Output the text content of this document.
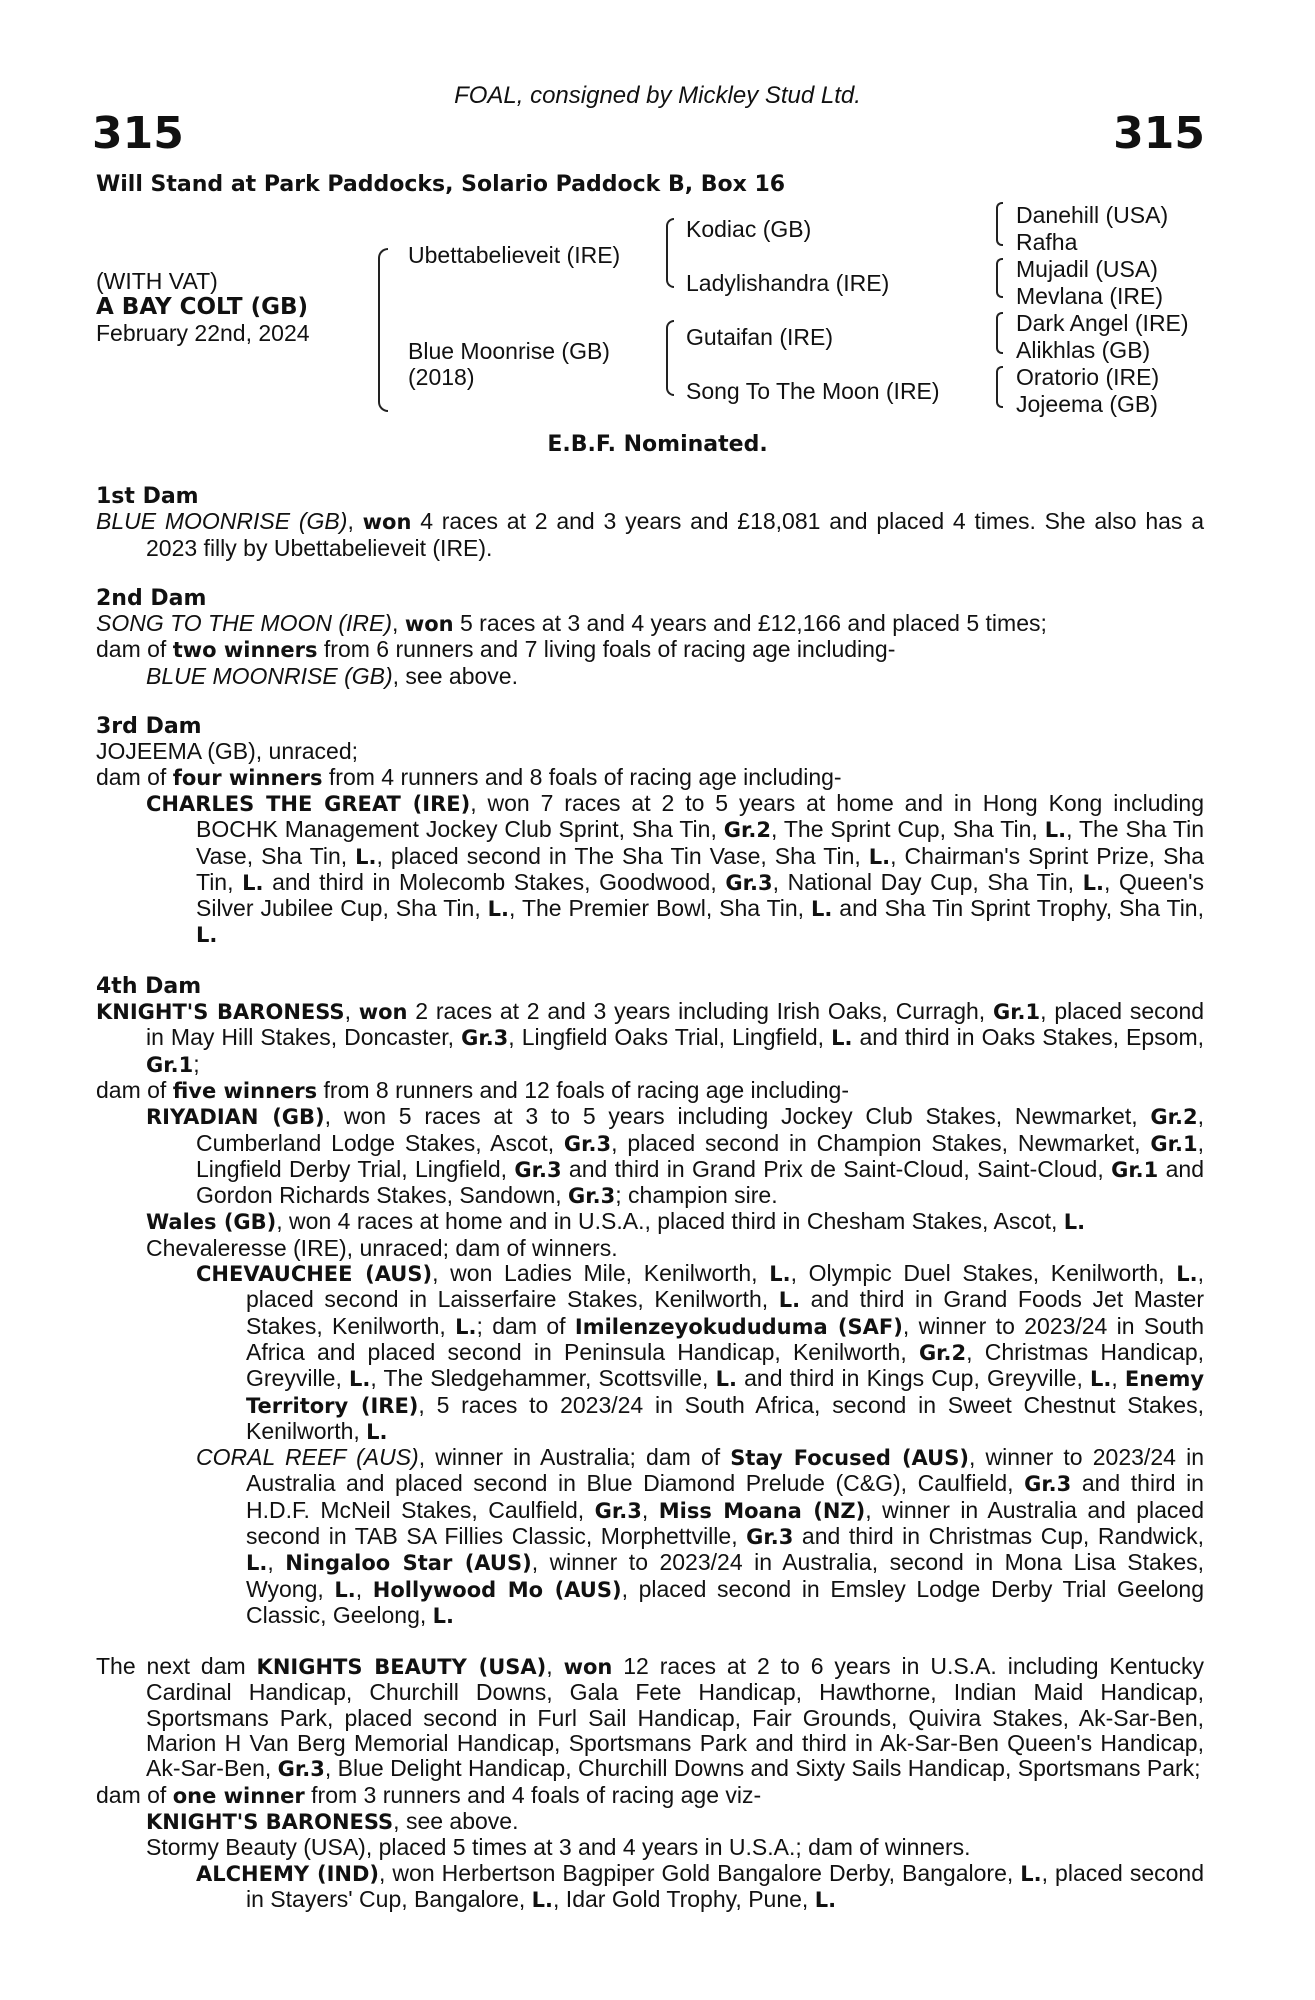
FOAL, consigned by Mickley Stud Ltd.
315	315
Will Stand at Park Paddocks, Solario Paddock B, Box 16
(WITH VAT)
A BAY COLT (GB)
February 22nd, 2024
Ubettabelieveit (IRE)
Blue Moonrise (GB)
(2018)
Kodiac (GB)
Ladylishandra (IRE)
Gutaifan (IRE)
Song To The Moon (IRE)
Danehill (USA)
Rafha
Mujadil (USA)
Mevlana (IRE)
Dark Angel (IRE)
Alikhlas (GB)
Oratorio (IRE)
Jojeema (GB)
E.B.F. Nominated.
1st Dam

BLUE MOONRISE (GB), won 4 races at 2 and 3 years and £18,081 and placed 4 times. She also has a 2023 filly by Ubettabelieveit (IRE).

2nd Dam

SONG TO THE MOON (IRE), won 5 races at 3 and 4 years and £12,166 and placed 5 times;

dam of two winners from 6 runners and 7 living foals of racing age including-

BLUE MOONRISE (GB), see above.

3rd Dam

JOJEEMA (GB), unraced;

dam of four winners from 4 runners and 8 foals of racing age including-

CHARLES THE GREAT (IRE), won 7 races at 2 to 5 years at home and in Hong Kong including BOCHK Management Jockey Club Sprint, Sha Tin, Gr.2, The Sprint Cup, Sha Tin, L., The Sha Tin Vase, Sha Tin, L., placed second in The Sha Tin Vase, Sha Tin, L., Chairman's Sprint Prize, Sha Tin, L. and third in Molecomb Stakes, Goodwood, Gr.3, National Day Cup, Sha Tin, L., Queen's Silver Jubilee Cup, Sha Tin, L., The Premier Bowl, Sha Tin, L. and Sha Tin Sprint Trophy, Sha Tin, L.

4th Dam

KNIGHT'S BARONESS, won 2 races at 2 and 3 years including Irish Oaks, Curragh, Gr.1, placed second in May Hill Stakes, Doncaster, Gr.3, Lingfield Oaks Trial, Lingfield, L. and third in Oaks Stakes, Epsom, Gr.1;

dam of five winners from 8 runners and 12 foals of racing age including-

RIYADIAN (GB), won 5 races at 3 to 5 years including Jockey Club Stakes, Newmarket, Gr.2, Cumberland Lodge Stakes, Ascot, Gr.3, placed second in Champion Stakes, Newmarket, Gr.1, Lingfield Derby Trial, Lingfield, Gr.3 and third in Grand Prix de Saint-Cloud, Saint-Cloud, Gr.1 and Gordon Richards Stakes, Sandown, Gr.3; champion sire.

Wales (GB), won 4 races at home and in U.S.A., placed third in Chesham Stakes, Ascot, L.

Chevaleresse (IRE), unraced; dam of winners.

CHEVAUCHEE (AUS), won Ladies Mile, Kenilworth, L., Olympic Duel Stakes, Kenilworth, L., placed second in Laisserfaire Stakes, Kenilworth, L. and third in Grand Foods Jet Master Stakes, Kenilworth, L.; dam of Imilenzeyokududuma (SAF), winner to 2023/24 in South Africa and placed second in Peninsula Handicap, Kenilworth, Gr.2, Christmas Handicap, Greyville, L., The Sledgehammer, Scottsville, L. and third in Kings Cup, Greyville, L., Enemy Territory (IRE), 5 races to 2023/24 in South Africa, second in Sweet Chestnut Stakes, Kenilworth, L.

CORAL REEF (AUS), winner in Australia; dam of Stay Focused (AUS), winner to 2023/24 in Australia and placed second in Blue Diamond Prelude (C&G), Caulfield, Gr.3 and third in H.D.F. McNeil Stakes, Caulfield, Gr.3, Miss Moana (NZ), winner in Australia and placed second in TAB SA Fillies Classic, Morphettville, Gr.3 and third in Christmas Cup, Randwick, L., Ningaloo Star (AUS), winner to 2023/24 in Australia, second in Mona Lisa Stakes, Wyong, L., Hollywood Mo (AUS), placed second in Emsley Lodge Derby Trial Geelong Classic, Geelong, L.

The next dam KNIGHTS BEAUTY (USA), won 12 races at 2 to 6 years in U.S.A. including Kentucky Cardinal Handicap, Churchill Downs, Gala Fete Handicap, Hawthorne, Indian Maid Handicap, Sportsmans Park, placed second in Furl Sail Handicap, Fair Grounds, Quivira Stakes, Ak-Sar-Ben, Marion H Van Berg Memorial Handicap, Sportsmans Park and third in Ak-Sar-Ben Queen's Handicap, Ak-Sar-Ben, Gr.3, Blue Delight Handicap, Churchill Downs and Sixty Sails Handicap, Sportsmans Park;

dam of one winner from 3 runners and 4 foals of racing age viz-

KNIGHT'S BARONESS, see above.

Stormy Beauty (USA), placed 5 times at 3 and 4 years in U.S.A.; dam of winners.

ALCHEMY (IND), won Herbertson Bagpiper Gold Bangalore Derby, Bangalore, L., placed second in Stayers' Cup, Bangalore, L., Idar Gold Trophy, Pune, L.
